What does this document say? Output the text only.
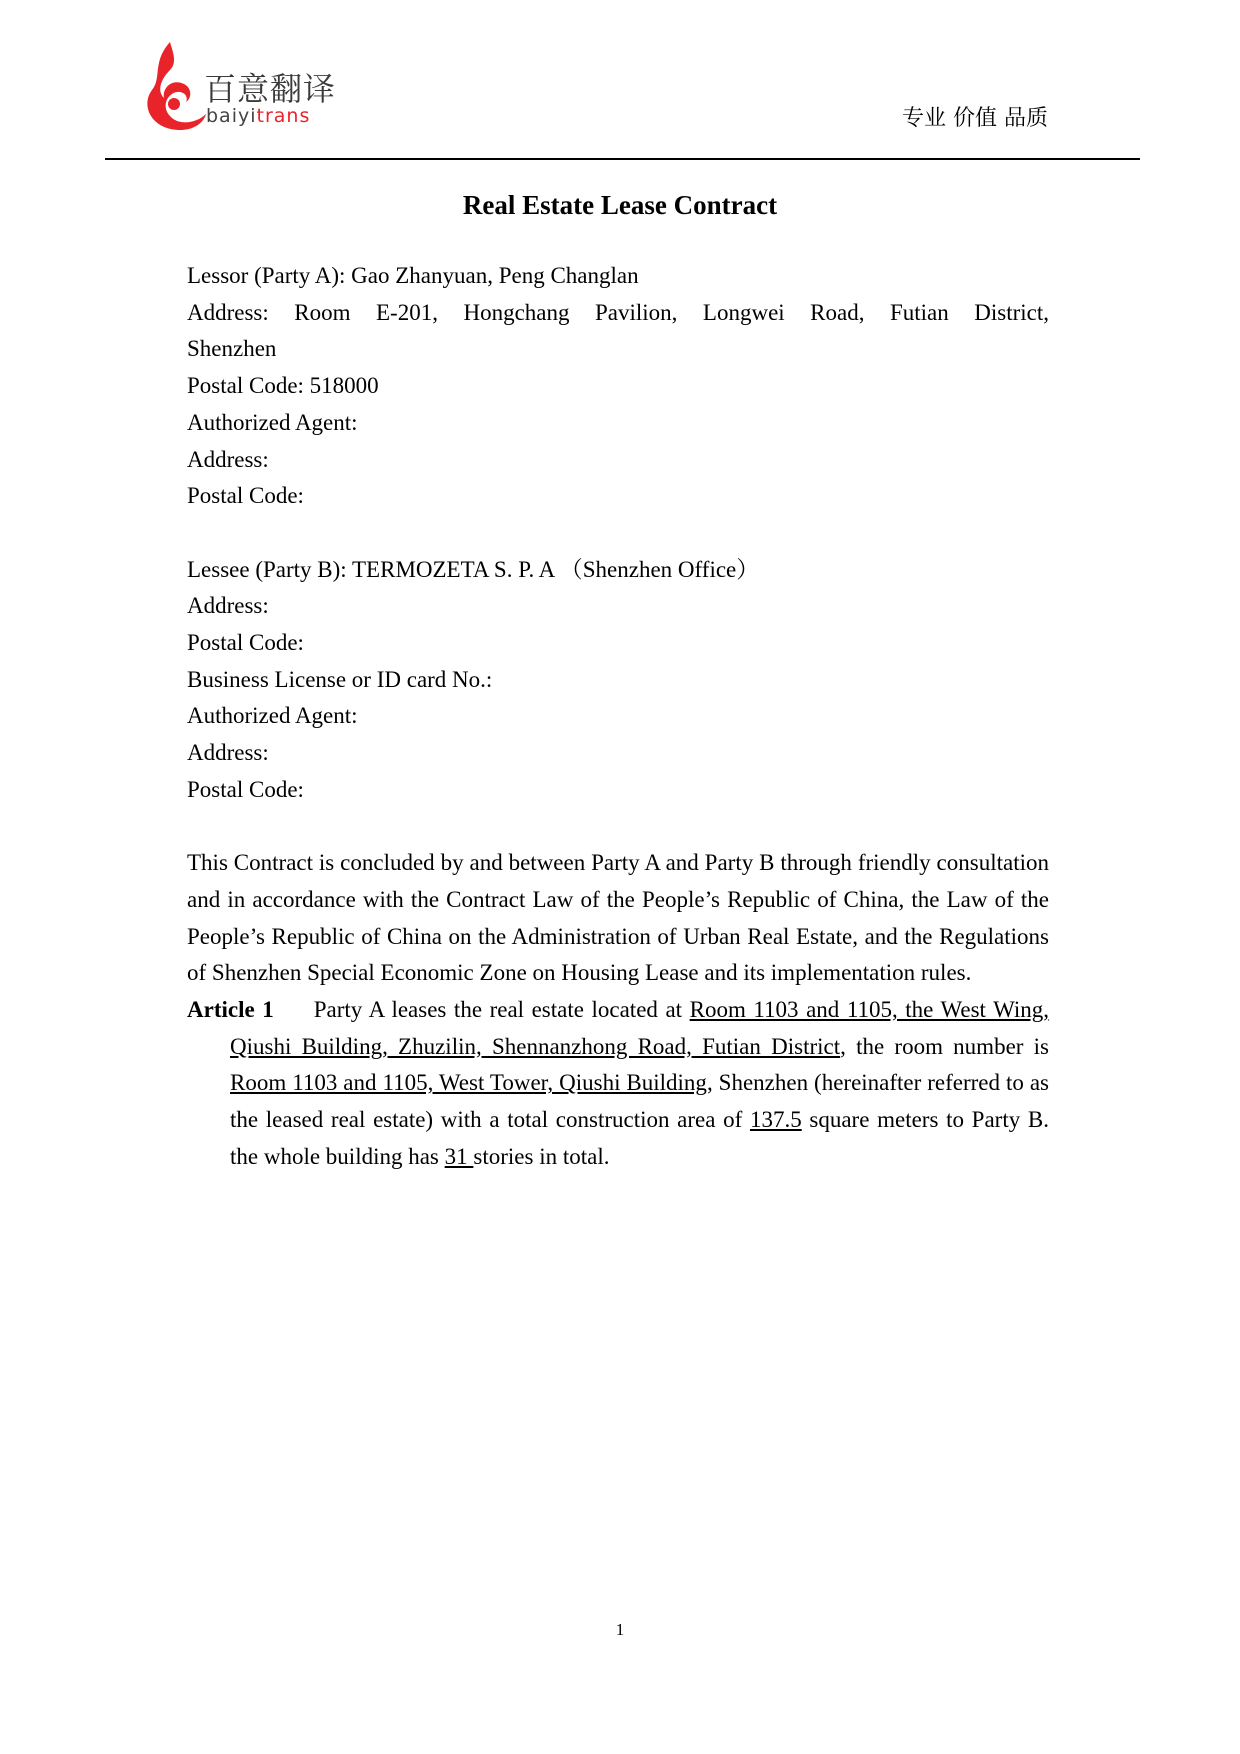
百意翻译
baiyitrans	专业 价值 品质
Real Estate Lease Contract
Lessor (Party A): Gao Zhanyuan, Peng Changlan
Address: Room E-201, Hongchang Pavilion, Longwei Road, Futian District,
Shenzhen
Postal Code: 518000
Authorized Agent:
Address:
Postal Code:
Lessee (Party B): TERMOZETA S. P. A （Shenzhen Office）
Address:
Postal Code:
Business License or ID card No.:
Authorized Agent:
Address:
Postal Code:
This Contract is concluded by and between Party A and Party B through friendly consultation and in accordance with the Contract Law of the People’s Republic of China, the Law of the People’s Republic of China on the Administration of Urban Real Estate, and the Regulations of Shenzhen Special Economic Zone on Housing Lease and its implementation rules.
Article 1 Party A leases the real estate located at Room 1103 and 1105, the West Wing, Qiushi Building, Zhuzilin, Shennanzhong Road, Futian District, the room number is Room 1103 and 1105, West Tower, Qiushi Building, Shenzhen (hereinafter referred to as the leased real estate) with a total construction area of 137.5 square meters to Party B. the whole building has 31 stories in total.
1
